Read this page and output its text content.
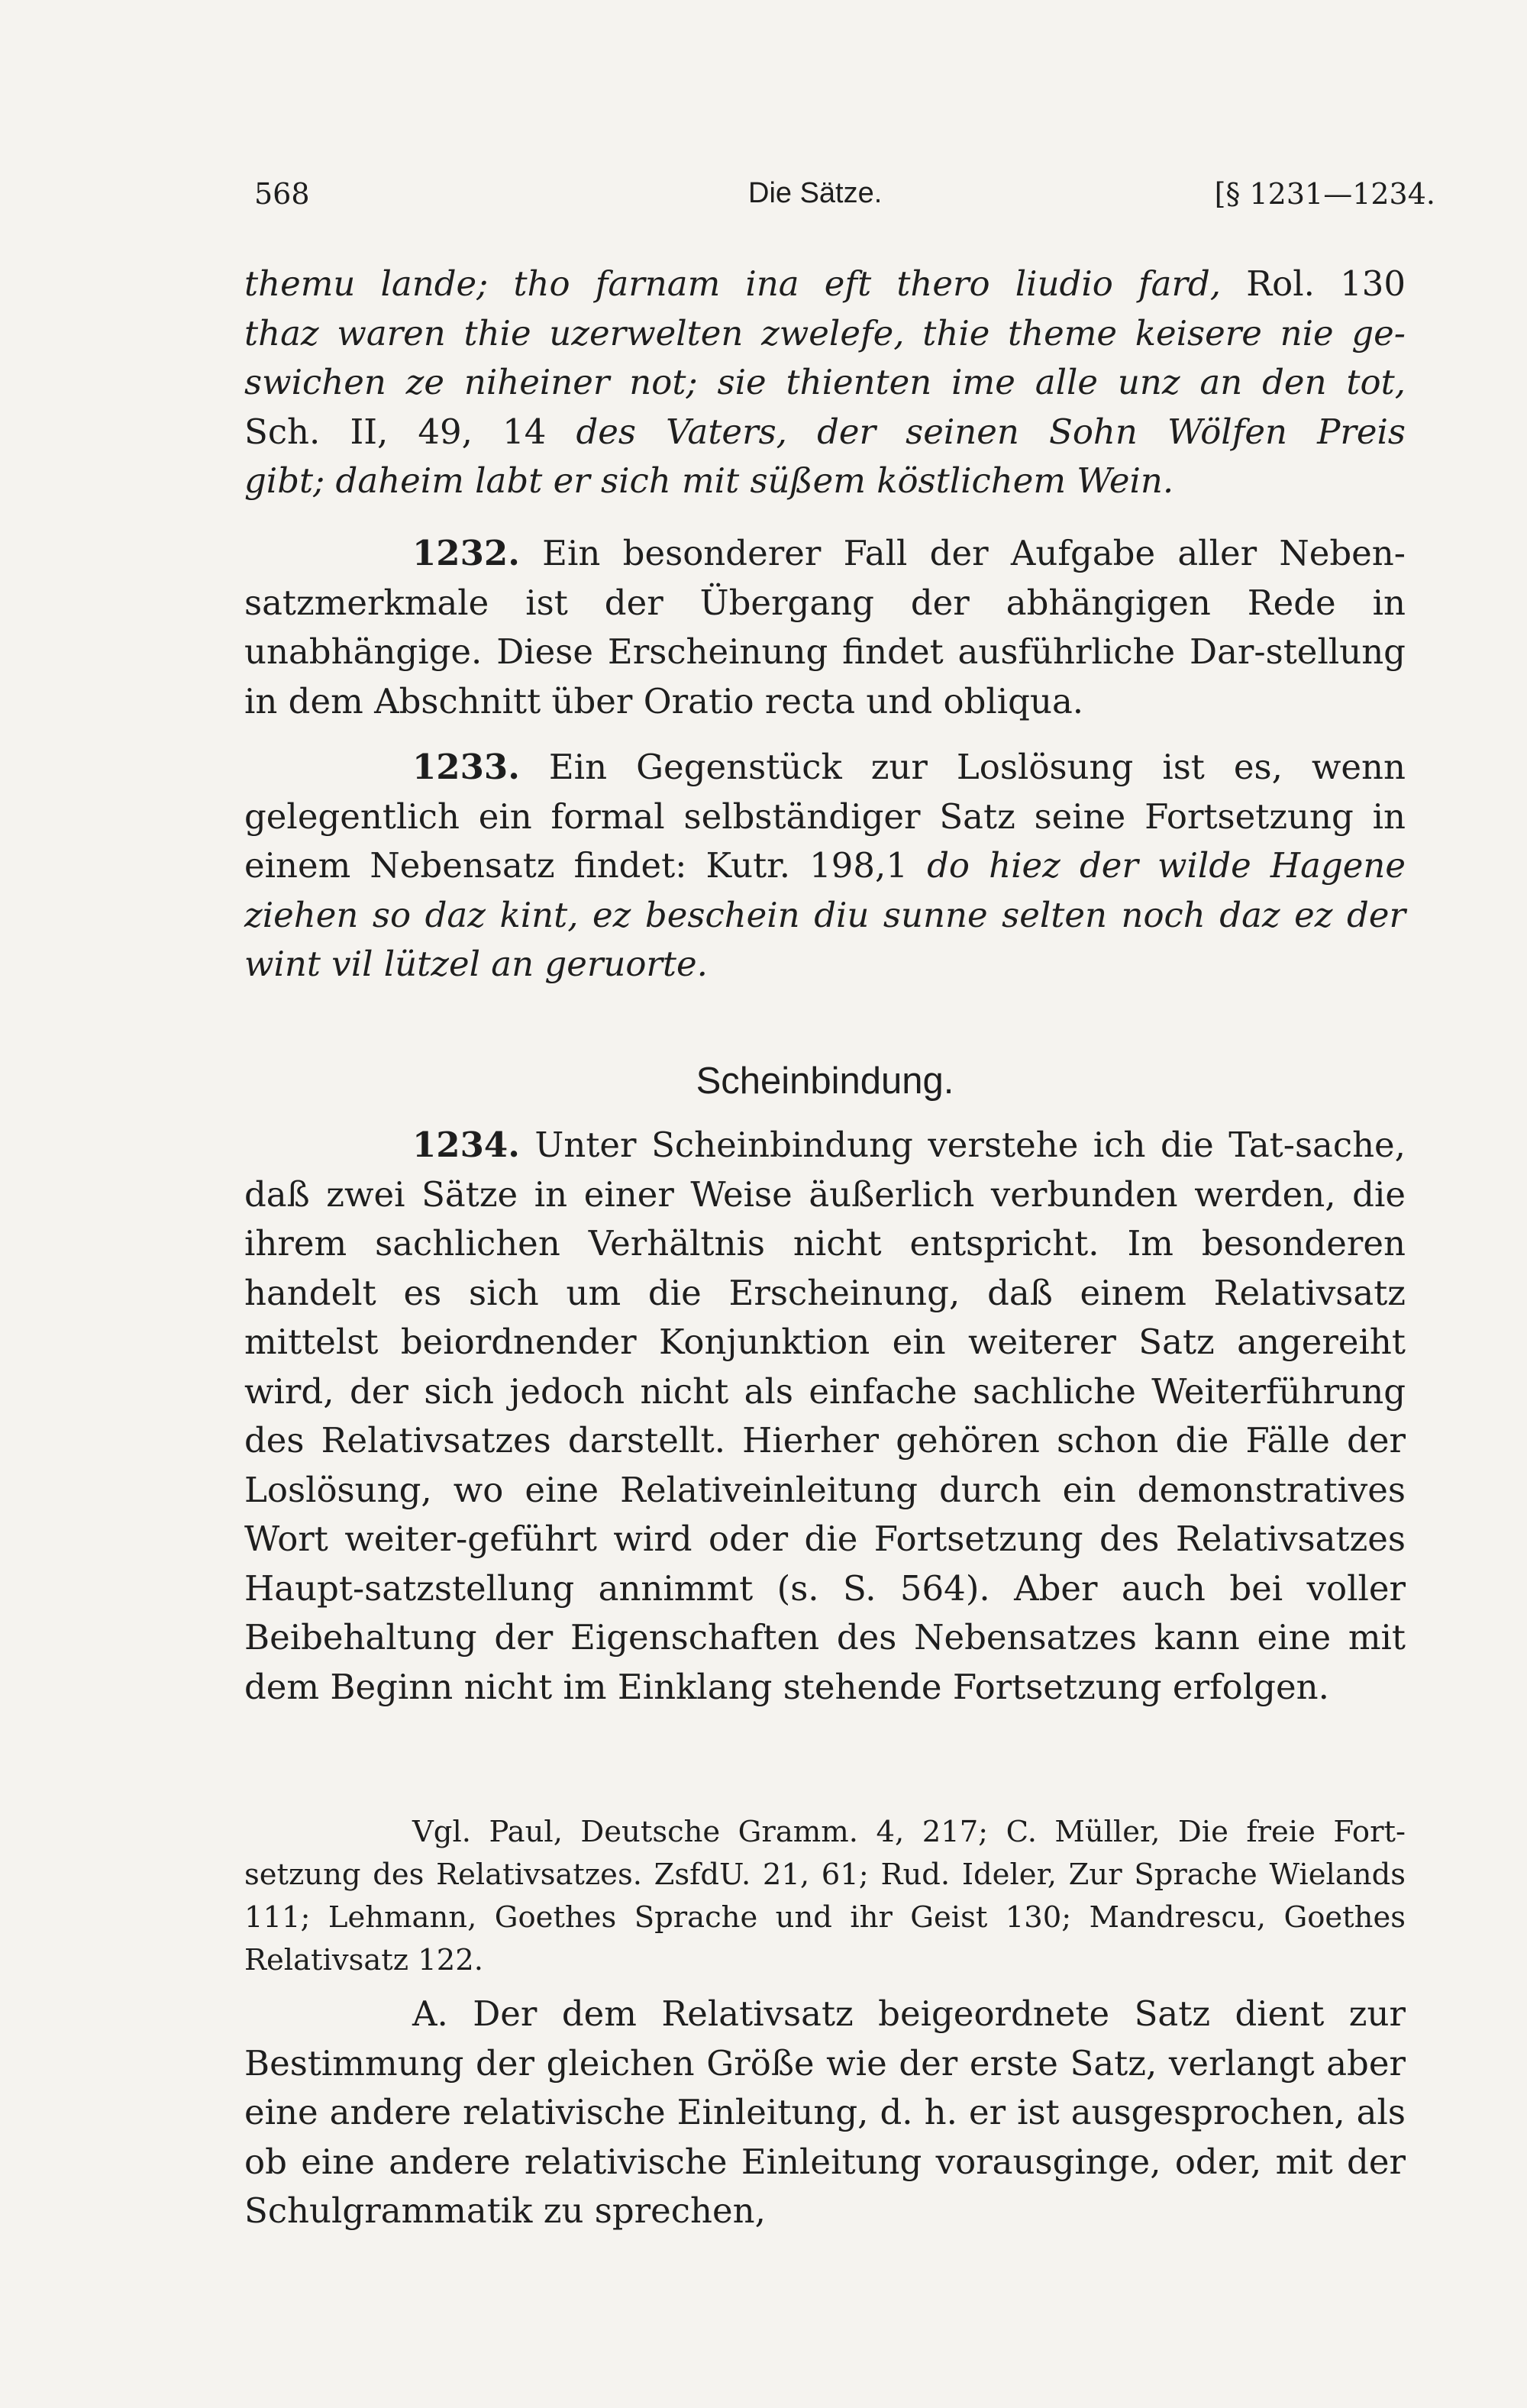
568	Die Sätze.	[§ 1231—1234.
themu lande; tho farnam ina eft thero liudio fard, Rol. 130
thaz waren thie uzerwelten zwelefe, thie theme keisere nie ge-
swichen ze niheiner not; sie thienten ime alle unz an den tot,
Sch. II, 49, 14 des Vaters, der seinen Sohn Wölfen Preis
gibt; daheim labt er sich mit süßem köstlichem Wein.
1232. Ein besonderer Fall der Aufgabe aller Neben-satzmerkmale ist der Übergang der abhängigen Rede in unabhängige. Diese Erscheinung findet ausführliche Dar-stellung in dem Abschnitt über Oratio recta und obliqua.
1233. Ein Gegenstück zur Loslösung ist es, wenn gelegentlich ein formal selbständiger Satz seine Fortsetzung in einem Nebensatz findet: Kutr. 198,1 do hiez der wilde Hagene ziehen so daz kint, ez beschein diu sunne selten noch daz ez der wint vil lützel an geruorte.
Scheinbindung.
1234. Unter Scheinbindung verstehe ich die Tat-sache, daß zwei Sätze in einer Weise äußerlich verbunden werden, die ihrem sachlichen Verhältnis nicht entspricht. Im besonderen handelt es sich um die Erscheinung, daß einem Relativsatz mittelst beiordnender Konjunktion ein weiterer Satz angereiht wird, der sich jedoch nicht als einfache sachliche Weiterführung des Relativsatzes darstellt. Hierher gehören schon die Fälle der Loslösung, wo eine Relativeinleitung durch ein demonstratives Wort weiter-geführt wird oder die Fortsetzung des Relativsatzes Haupt-satzstellung annimmt (s. S. 564). Aber auch bei voller Beibehaltung der Eigenschaften des Nebensatzes kann eine mit dem Beginn nicht im Einklang stehende Fortsetzung erfolgen.
Vgl. Paul, Deutsche Gramm. 4, 217; C. Müller, Die freie Fort-setzung des Relativsatzes. ZsfdU. 21, 61; Rud. Ideler, Zur Sprache Wielands 111; Lehmann, Goethes Sprache und ihr Geist 130; Mandrescu, Goethes Relativsatz 122.
A. Der dem Relativsatz beigeordnete Satz dient zur Bestimmung der gleichen Größe wie der erste Satz, verlangt aber eine andere relativische Einleitung, d. h. er ist ausgesprochen, als ob eine andere relativische Einleitung vorausginge, oder, mit der Schulgrammatik zu sprechen,
